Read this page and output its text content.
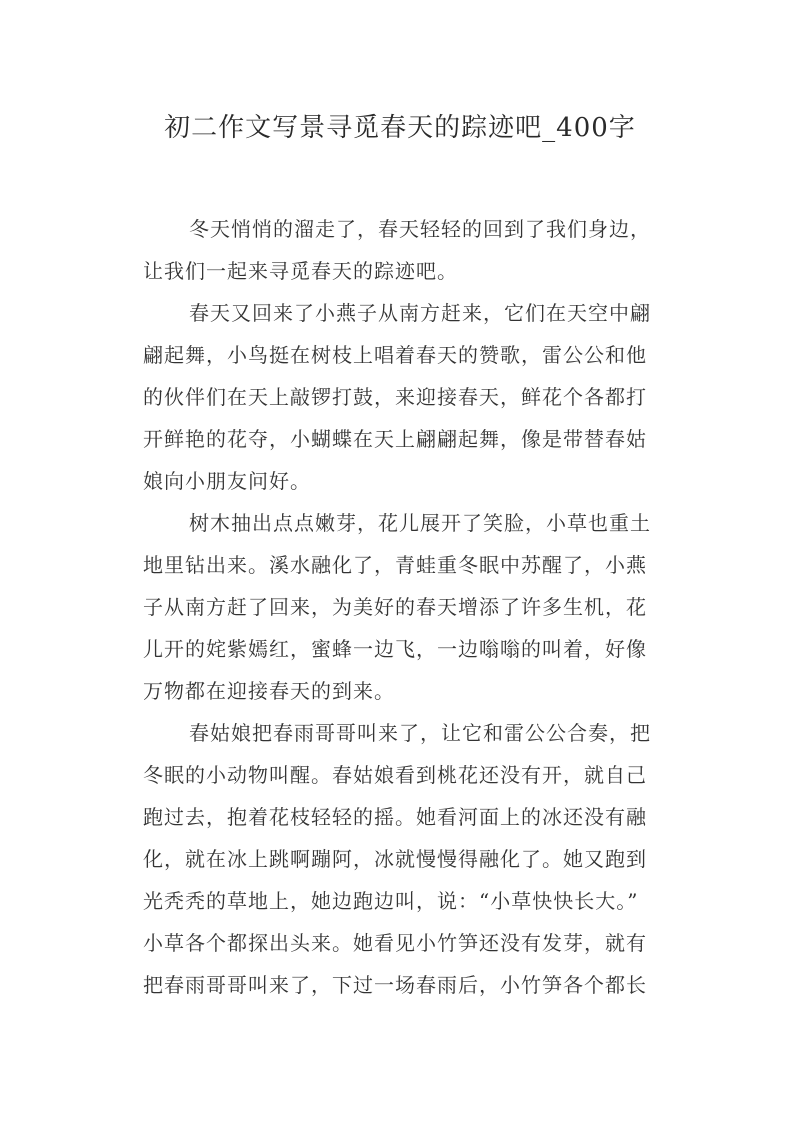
初二作文写景寻觅春天的踪迹吧_400字
冬天悄悄的溜走了，春天轻轻的回到了我们身边，
让我们一起来寻觅春天的踪迹吧。
春天又回来了小燕子从南方赶来，它们在天空中翩
翩起舞，小鸟挺在树枝上唱着春天的赞歌，雷公公和他
的伙伴们在天上敲锣打鼓，来迎接春天，鲜花个各都打
开鲜艳的花夺，小蝴蝶在天上翩翩起舞，像是带替春姑
娘向小朋友问好。
树木抽出点点嫩芽，花儿展开了笑脸，小草也重土
地里钻出来。溪水融化了，青蛙重冬眠中苏醒了，小燕
子从南方赶了回来，为美好的春天增添了许多生机，花
儿开的姹紫嫣红，蜜蜂一边飞，一边嗡嗡的叫着，好像
万物都在迎接春天的到来。
春姑娘把春雨哥哥叫来了，让它和雷公公合奏，把
冬眠的小动物叫醒。春姑娘看到桃花还没有开，就自己
跑过去，抱着花枝轻轻的摇。她看河面上的冰还没有融
化，就在冰上跳啊蹦阿，冰就慢慢得融化了。她又跑到
光秃秃的草地上，她边跑边叫，说：“小草快快长大。”
小草各个都探出头来。她看见小竹笋还没有发芽，就有
把春雨哥哥叫来了，下过一场春雨后，小竹笋各个都长
